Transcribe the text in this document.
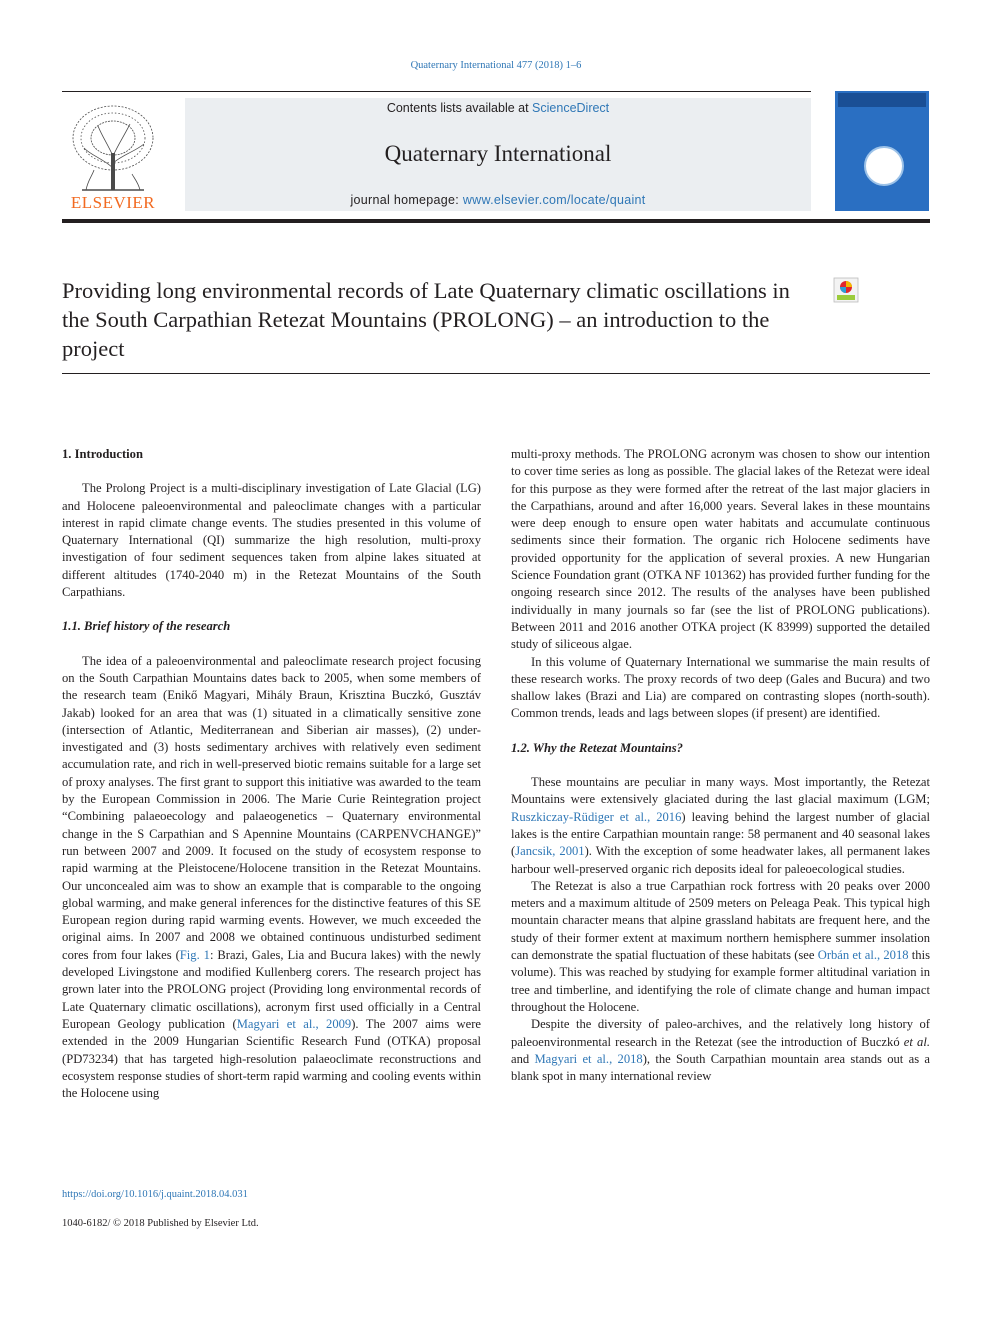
Quaternary International 477 (2018) 1–6
ELSEVIER
Contents lists available at ScienceDirect
Quaternary International
journal homepage: www.elsevier.com/locate/quaint
Providing long environmental records of Late Quaternary climatic oscillations in the South Carpathian Retezat Mountains (PROLONG) – an introduction to the project
1. Introduction

The Prolong Project is a multi-disciplinary investigation of Late Glacial (LG) and Holocene paleoenvironmental and paleoclimate changes with a particular interest in rapid climate change events. The studies presented in this volume of Quaternary International (QI) summarize the high resolution, multi-proxy investigation of four sediment sequences taken from alpine lakes situated at different altitudes (1740-2040 m) in the Retezat Mountains of the South Carpathians.

1.1. Brief history of the research

The idea of a paleoenvironmental and paleoclimate research project focusing on the South Carpathian Mountains dates back to 2005, when some members of the research team (Enikő Magyari, Mihály Braun, Krisztina Buczkó, Gusztáv Jakab) looked for an area that was (1) situated in a climatically sensitive zone (intersection of Atlantic, Mediterranean and Siberian air masses), (2) under-investigated and (3) hosts sedimentary archives with relatively even sediment accumulation rate, and rich in well-preserved biotic remains suitable for a large set of proxy analyses. The first grant to support this initiative was awarded to the team by the European Commission in 2006. The Marie Curie Reintegration project “Combining palaeoecology and palaeogenetics – Quaternary environmental change in the S Carpathian and S Apennine Mountains (CARPENVCHANGE)” run between 2007 and 2009. It focused on the study of ecosystem response to rapid warming at the Pleistocene/Holocene transition in the Retezat Mountains. Our unconcealed aim was to show an example that is comparable to the ongoing global warming, and make general inferences for the distinctive features of this SE European region during rapid warming events. However, we much exceeded the original aims. In 2007 and 2008 we obtained continuous undisturbed sediment cores from four lakes (Fig. 1: Brazi, Gales, Lia and Bucura lakes) with the newly developed Livingstone and modified Kullenberg corers. The research project has grown later into the PROLONG project (Providing long environmental records of Late Quaternary climatic oscillations), acronym first used officially in a Central European Geology publication (Magyari et al., 2009). The 2007 aims were extended in the 2009 Hungarian Scientific Research Fund (OTKA) proposal (PD73234) that has targeted high-resolution palaeoclimate reconstructions and ecosystem response studies of short-term rapid warming and cooling events within the Holocene using

multi-proxy methods. The PROLONG acronym was chosen to show our intention to cover time series as long as possible. The glacial lakes of the Retezat were ideal for this purpose as they were formed after the retreat of the last major glaciers in the Carpathians, around and after 16,000 years. Several lakes in these mountains were deep enough to ensure open water habitats and accumulate continuous sediments since their formation. The organic rich Holocene sediments have provided opportunity for the application of several proxies. A new Hungarian Science Foundation grant (OTKA NF 101362) has provided further funding for the ongoing research since 2012. The results of the analyses have been published individually in many journals so far (see the list of PROLONG publications). Between 2011 and 2016 another OTKA project (K 83999) supported the detailed study of siliceous algae.

In this volume of Quaternary International we summarise the main results of these research works. The proxy records of two deep (Gales and Bucura) and two shallow lakes (Brazi and Lia) are compared on contrasting slopes (north-south). Common trends, leads and lags between slopes (if present) are identified.

1.2. Why the Retezat Mountains?

These mountains are peculiar in many ways. Most importantly, the Retezat Mountains were extensively glaciated during the last glacial maximum (LGM; Ruszkiczay-Rüdiger et al., 2016) leaving behind the largest number of glacial lakes is the entire Carpathian mountain range: 58 permanent and 40 seasonal lakes (Jancsik, 2001). With the exception of some headwater lakes, all permanent lakes harbour well-preserved organic rich deposits ideal for paleoecological studies.

The Retezat is also a true Carpathian rock fortress with 20 peaks over 2000 meters and a maximum altitude of 2509 meters on Peleaga Peak. This typical high mountain character means that alpine grassland habitats are frequent here, and the study of their former extent at maximum northern hemisphere summer insolation can demonstrate the spatial fluctuation of these habitats (see Orbán et al., 2018 this volume). This was reached by studying for example former altitudinal variation in tree and timberline, and identifying the role of climate change and human impact throughout the Holocene.

Despite the diversity of paleo-archives, and the relatively long history of paleoenvironmental research in the Retezat (see the introduction of Buczkó et al. and Magyari et al., 2018), the South Carpathian mountain area stands out as a blank spot in many international review

https://doi.org/10.1016/j.quaint.2018.04.031
1040-6182/ © 2018 Published by Elsevier Ltd.
